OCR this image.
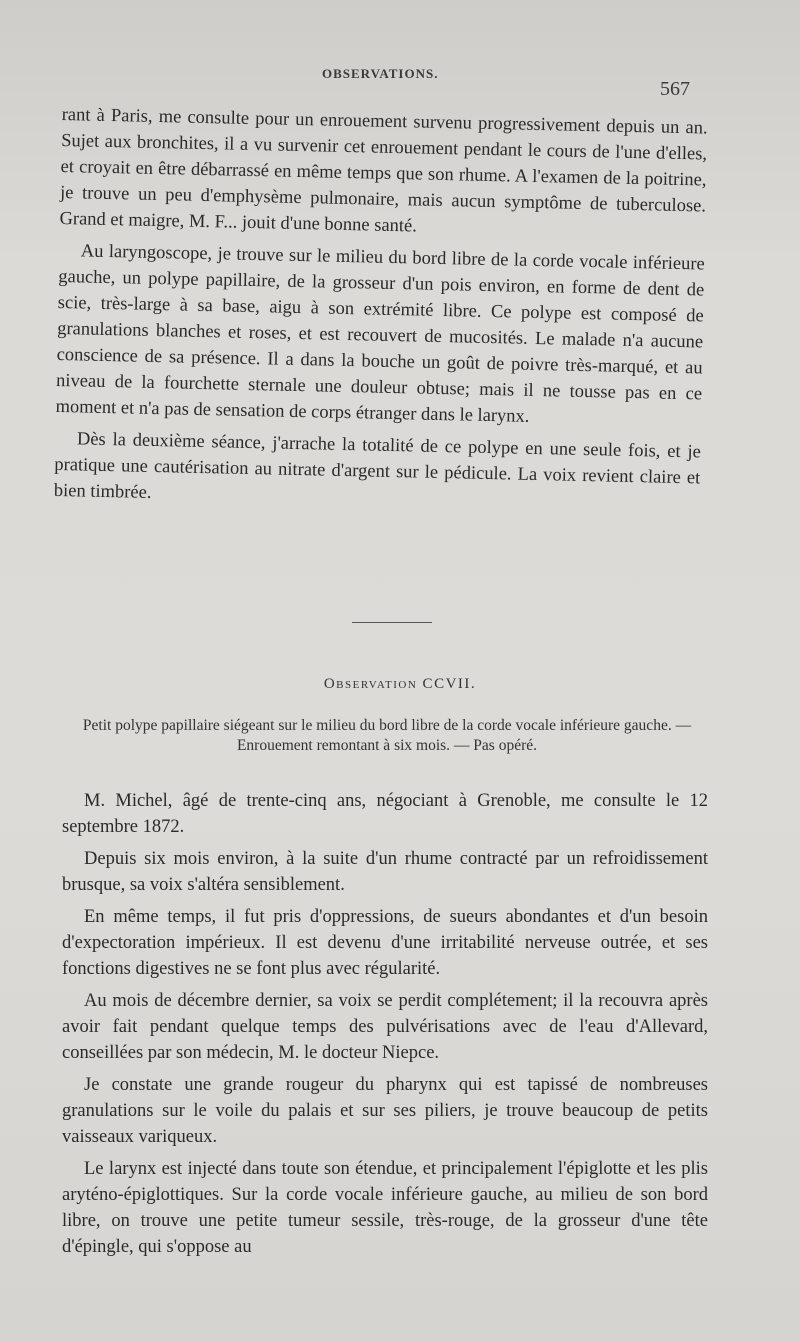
OBSERVATIONS.
567

rant à Paris, me consulte pour un enrouement survenu progressivement depuis un an. Sujet aux bronchites, il a vu survenir cet enrouement pendant le cours de l'une d'elles, et croyait en être débarrassé en même temps que son rhume. A l'examen de la poitrine, je trouve un peu d'emphysème pulmonaire, mais aucun symptôme de tuberculose. Grand et maigre, M. F... jouit d'une bonne santé.

Au laryngoscope, je trouve sur le milieu du bord libre de la corde vocale inférieure gauche, un polype papillaire, de la grosseur d'un pois environ, en forme de dent de scie, très-large à sa base, aigu à son extrémité libre. Ce polype est composé de granulations blanches et roses, et est recouvert de mucosités. Le malade n'a aucune conscience de sa présence. Il a dans la bouche un goût de poivre très-marqué, et au niveau de la fourchette sternale une douleur obtuse; mais il ne tousse pas en ce moment et n'a pas de sensation de corps étranger dans le larynx.

Dès la deuxième séance, j'arrache la totalité de ce polype en une seule fois, et je pratique une cautérisation au nitrate d'argent sur le pédicule. La voix revient claire et bien timbrée.

Observation CCVII.
Petit polype papillaire siégeant sur le milieu du bord libre de la corde vocale inférieure gauche. — Enrouement remontant à six mois. — Pas opéré.

M. Michel, âgé de trente-cinq ans, négociant à Grenoble, me consulte le 12 septembre 1872.

Depuis six mois environ, à la suite d'un rhume contracté par un refroidissement brusque, sa voix s'altéra sensiblement.

En même temps, il fut pris d'oppressions, de sueurs abondantes et d'un besoin d'expectoration impérieux. Il est devenu d'une irritabilité nerveuse outrée, et ses fonctions digestives ne se font plus avec régularité.

Au mois de décembre dernier, sa voix se perdit complétement; il la recouvra après avoir fait pendant quelque temps des pulvérisations avec de l'eau d'Allevard, conseillées par son médecin, M. le docteur Niepce.

Je constate une grande rougeur du pharynx qui est tapissé de nombreuses granulations sur le voile du palais et sur ses piliers, je trouve beaucoup de petits vaisseaux variqueux.

Le larynx est injecté dans toute son étendue, et principalement l'épiglotte et les plis aryténo-épiglottiques. Sur la corde vocale inférieure gauche, au milieu de son bord libre, on trouve une petite tumeur sessile, très-rouge, de la grosseur d'une tête d'épingle, qui s'oppose au
